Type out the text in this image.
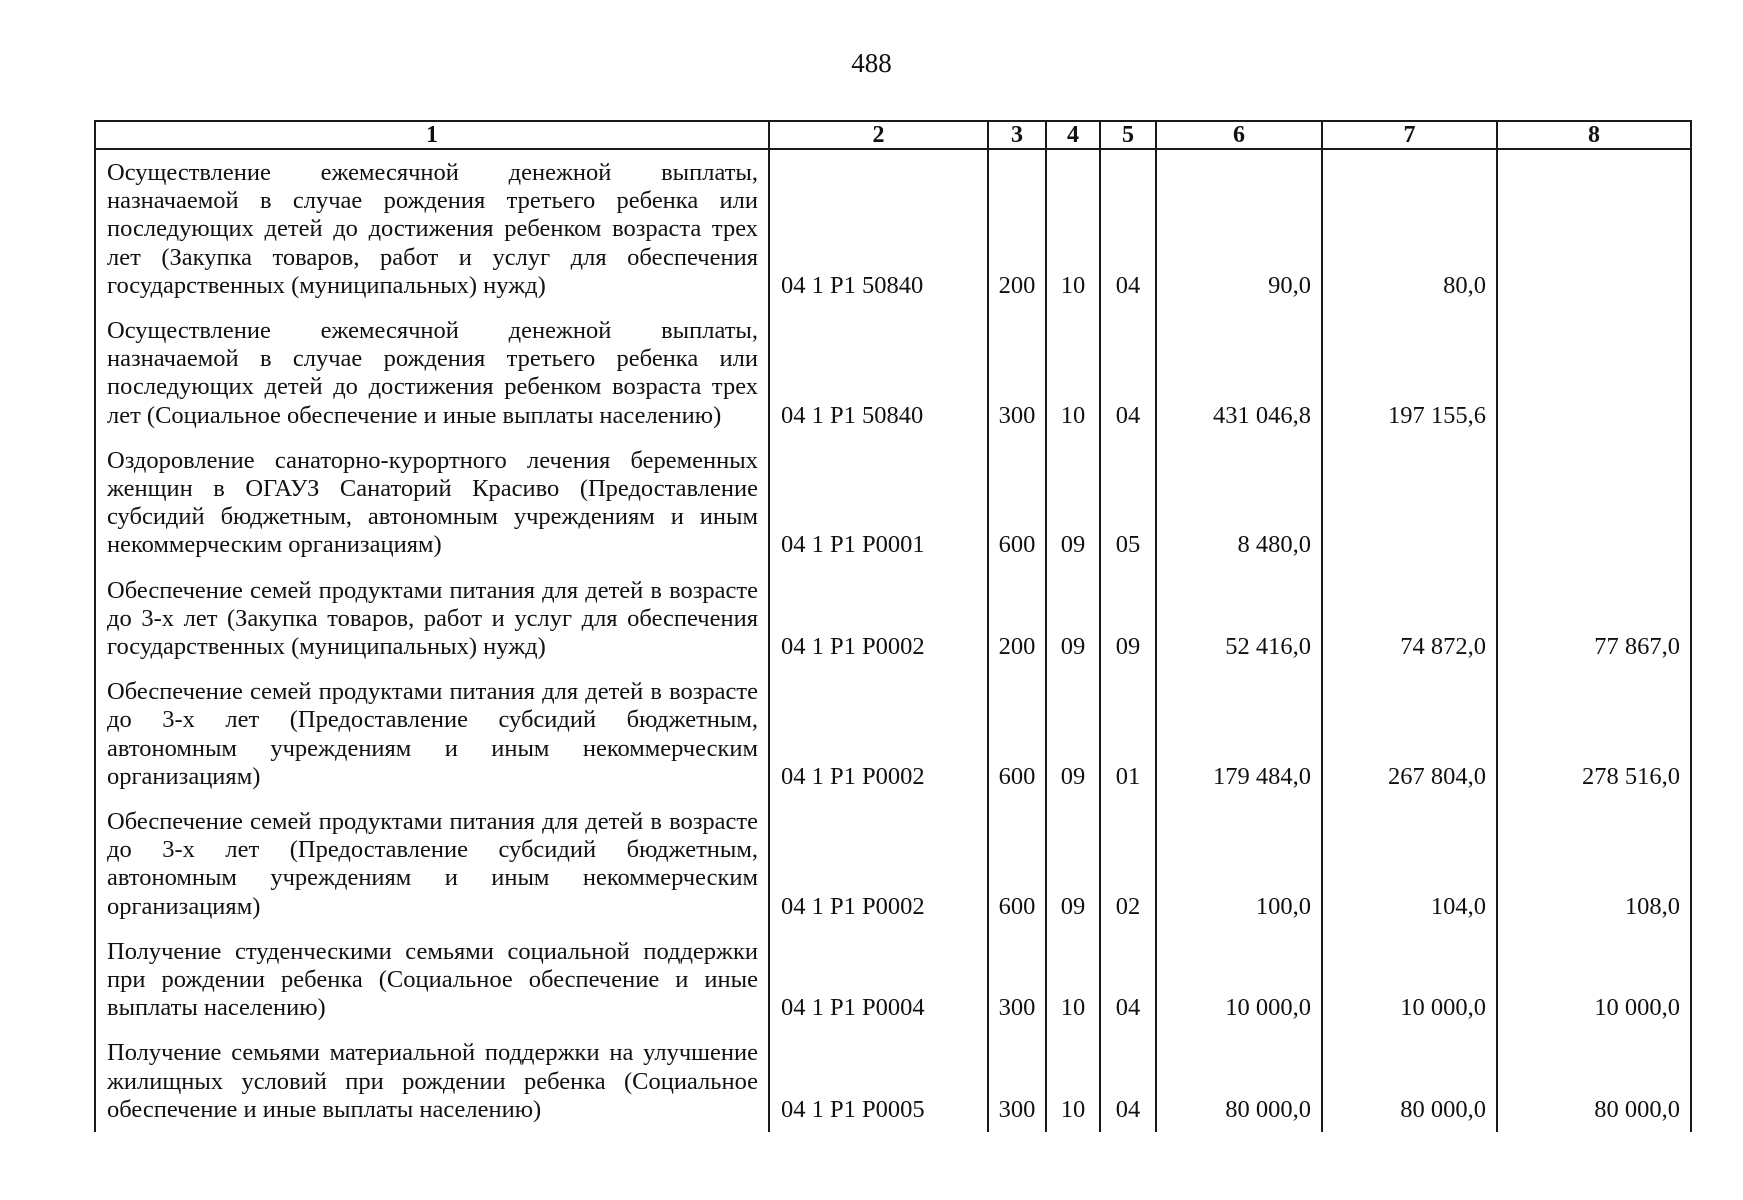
488
1	2	3	4	5	6	7	8
Осуществление ежемесячной денежной выплаты, назначаемой в случае рождения третьего ребенка или последующих детей до достижения ребенком возраста трех лет (Закупка товаров, работ и услуг для обеспечения государственных (муниципальных) нужд)	04 1 P1 50840	200	10	04	90,0	80,0	
Осуществление ежемесячной денежной выплаты, назначаемой в случае рождения третьего ребенка или последующих детей до достижения ребенком возраста трех лет (Социальное обеспечение и иные выплаты населению)	04 1 P1 50840	300	10	04	431 046,8	197 155,6	
Оздоровление санаторно-курортного лечения беременных женщин в ОГАУЗ Санаторий Красиво (Предоставление субсидий бюджетным, автономным учреждениям и иным некоммерческим организациям)	04 1 P1 P0001	600	09	05	8 480,0		
Обеспечение семей продуктами питания для детей в возрасте до 3-х лет (Закупка товаров, работ и услуг для обеспечения государственных (муниципальных) нужд)	04 1 P1 P0002	200	09	09	52 416,0	74 872,0	77 867,0
Обеспечение семей продуктами питания для детей в возрасте до 3-х лет (Предоставление субсидий бюджетным, автономным учреждениям и иным некоммерческим организациям)	04 1 P1 P0002	600	09	01	179 484,0	267 804,0	278 516,0
Обеспечение семей продуктами питания для детей в возрасте до 3-х лет (Предоставление субсидий бюджетным, автономным учреждениям и иным некоммерческим организациям)	04 1 P1 P0002	600	09	02	100,0	104,0	108,0
Получение студенческими семьями социальной поддержки при рождении ребенка (Социальное обеспечение и иные выплаты населению)	04 1 P1 P0004	300	10	04	10 000,0	10 000,0	10 000,0
Получение семьями материальной поддержки на улучшение жилищных условий при рождении ребенка (Социальное обеспечение и иные выплаты населению)	04 1 P1 P0005	300	10	04	80 000,0	80 000,0	80 000,0
